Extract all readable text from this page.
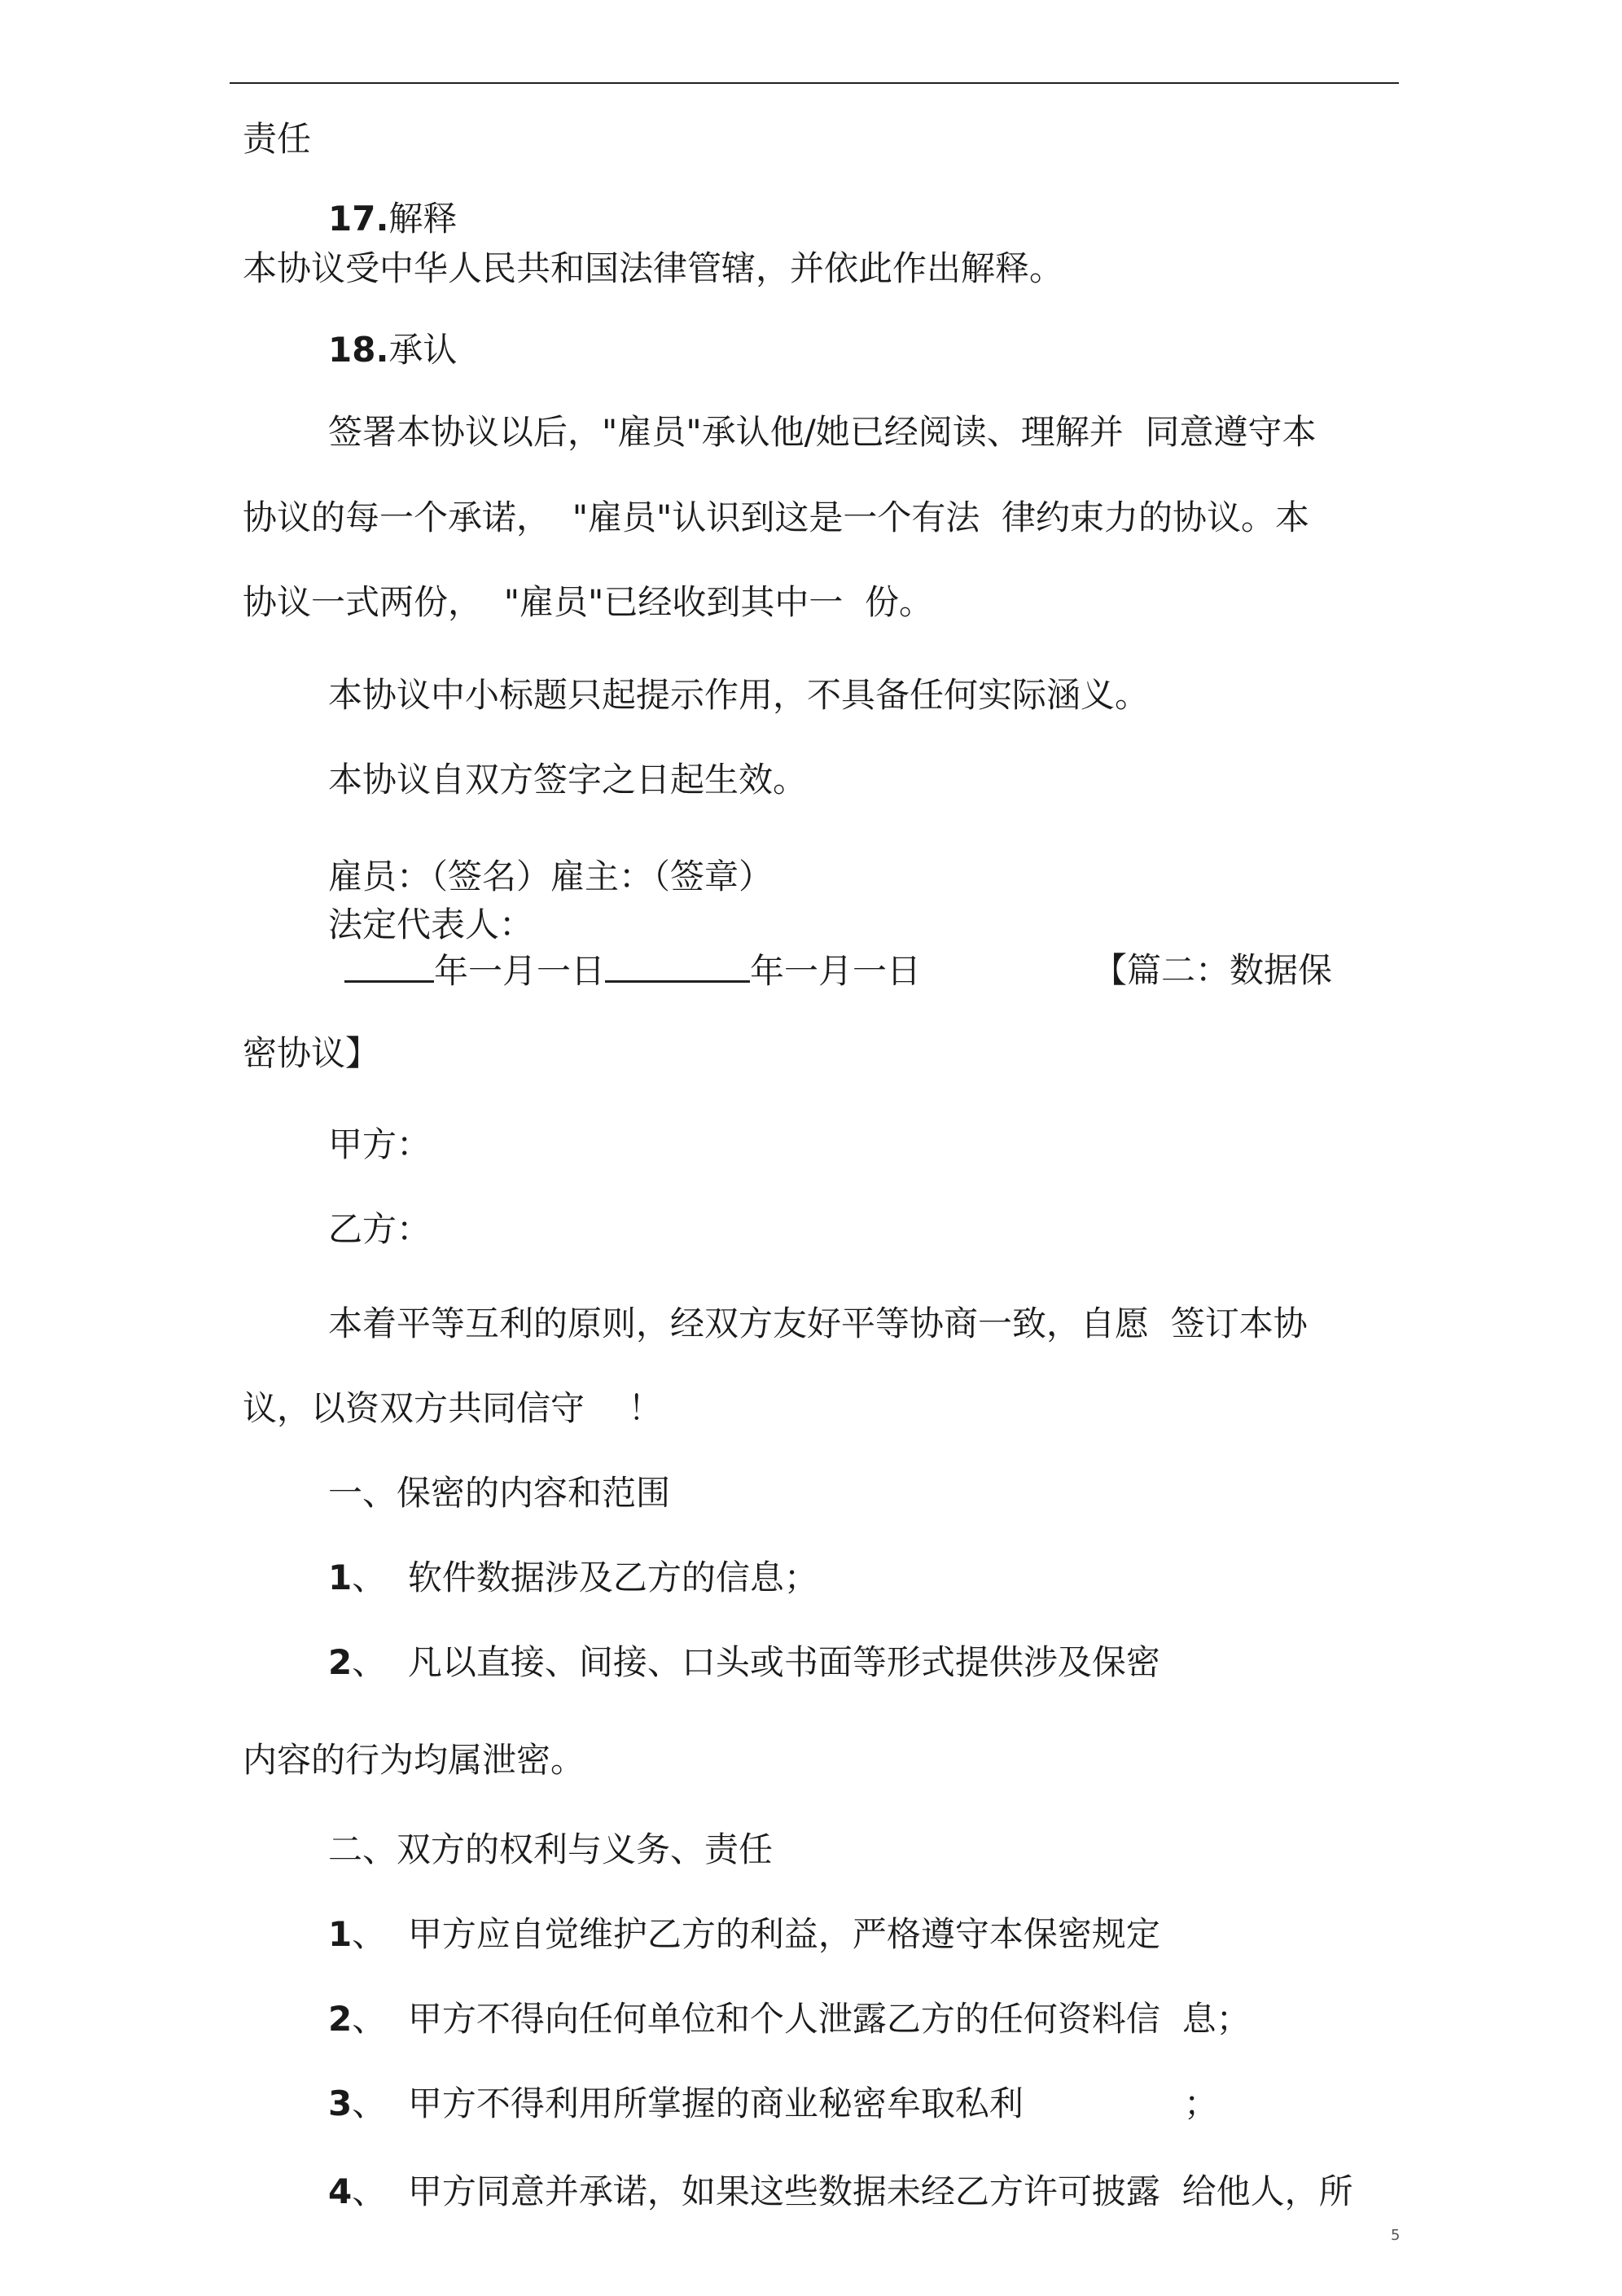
责任
17.解释
本协议受中华人民共和国法律管辖，并依此作出解释。
18.承认
签署本协议以后，"雇员"承认他/她已经阅读、理解并  同意遵守本
协议的每一个承诺，  "雇员"认识到这是一个有法  律约束力的协议。本
协议一式两份，  "雇员"已经收到其中一  份。 ﾠﾠﾠﾠﾠﾠﾠﾠﾠﾠﾠﾠﾠﾠﾠﾠﾠﾠﾠﾠﾠﾠ
本协议中小标题只起提示作用，不具备任何实际涵义。
本协议自双方签字之日起生效。
雇员：（签名）雇主：（签章）
法定代表人：
年一月一日	年一月一日	【篇二：数据保
密协议】
甲方：
乙方：
本着平等互利的原则，经双方友好平等协商一致，自愿  签订本协
议，以资双方共同信守    ！
ﾠﾠﾠﾠﾠﾠﾠﾠﾠﾠﾠﾠﾠﾠﾠ
一、保密的内容和范围
1、  软件数据涉及乙方的信息；
2、  凡以直接、间接、口头或书面等形式提供涉及保密
内容的行为均属泄密。
二、双方的权利与义务、责任
1、  甲方应自觉维护乙方的利益，严格遵守本保密规定
2、  甲方不得向任何单位和个人泄露乙方的任何资料信  息；
3、  甲方不得利用所掌握的商业秘密牟取私利	；
4、  甲方同意并承诺，如果这些数据未经乙方许可披露  给他人，所
5
